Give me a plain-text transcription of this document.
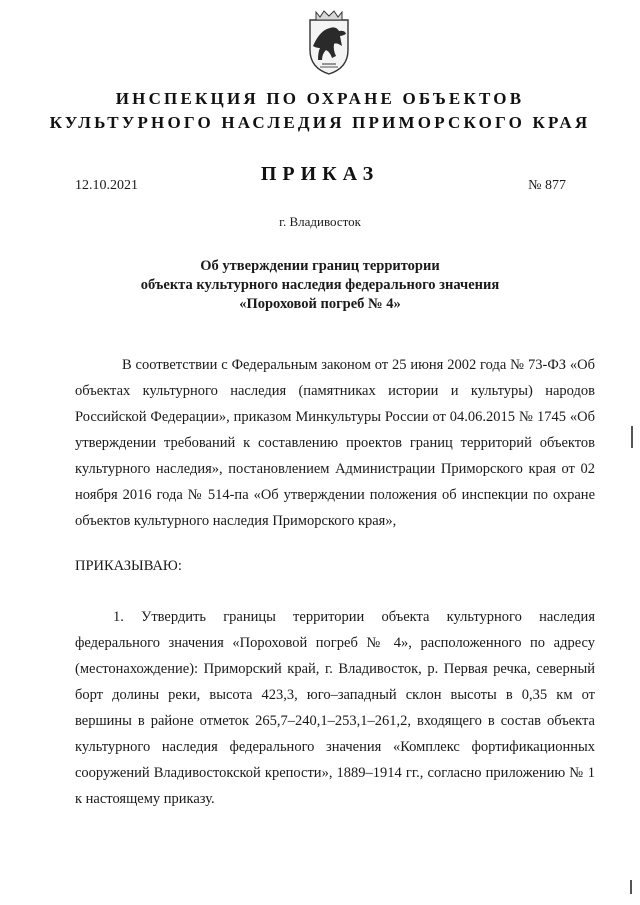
ИНСПЕКЦИЯ ПО ОХРАНЕ ОБЪЕКТОВ
КУЛЬТУРНОГО НАСЛЕДИЯ ПРИМОРСКОГО КРАЯ
ПРИКАЗ
12.10.2021	№ 877
г. Владивосток
Об утверждении границ территории
объекта культурного наследия федерального значения
«Пороховой погреб № 4»
В соответствии с Федеральным законом от 25 июня 2002 года № 73-ФЗ «Об объектах культурного наследия (памятниках истории и культуры) народов Российской Федерации», приказом Минкультуры России от 04.06.2015 № 1745 «Об утверждении требований к составлению проектов границ территорий объектов культурного наследия», постановлением Администрации Приморского края от 02 ноября 2016 года № 514-па «Об утверждении положения об инспекции по охране объектов культурного наследия Приморского края»,
ПРИКАЗЫВАЮ:
1. Утвердить границы территории объекта культурного наследия федерального значения «Пороховой погреб № 4», расположенного по адресу (местонахождение): Приморский край, г. Владивосток, р. Первая речка, северный борт долины реки, высота 423,3, юго–западный склон высоты в 0,35 км от вершины в районе отметок 265,7–240,1–253,1–261,2, входящего в состав объекта культурного наследия федерального значения «Комплекс фортификационных сооружений Владивостокской крепости», 1889–1914 гг., согласно приложению № 1 к настоящему приказу.
